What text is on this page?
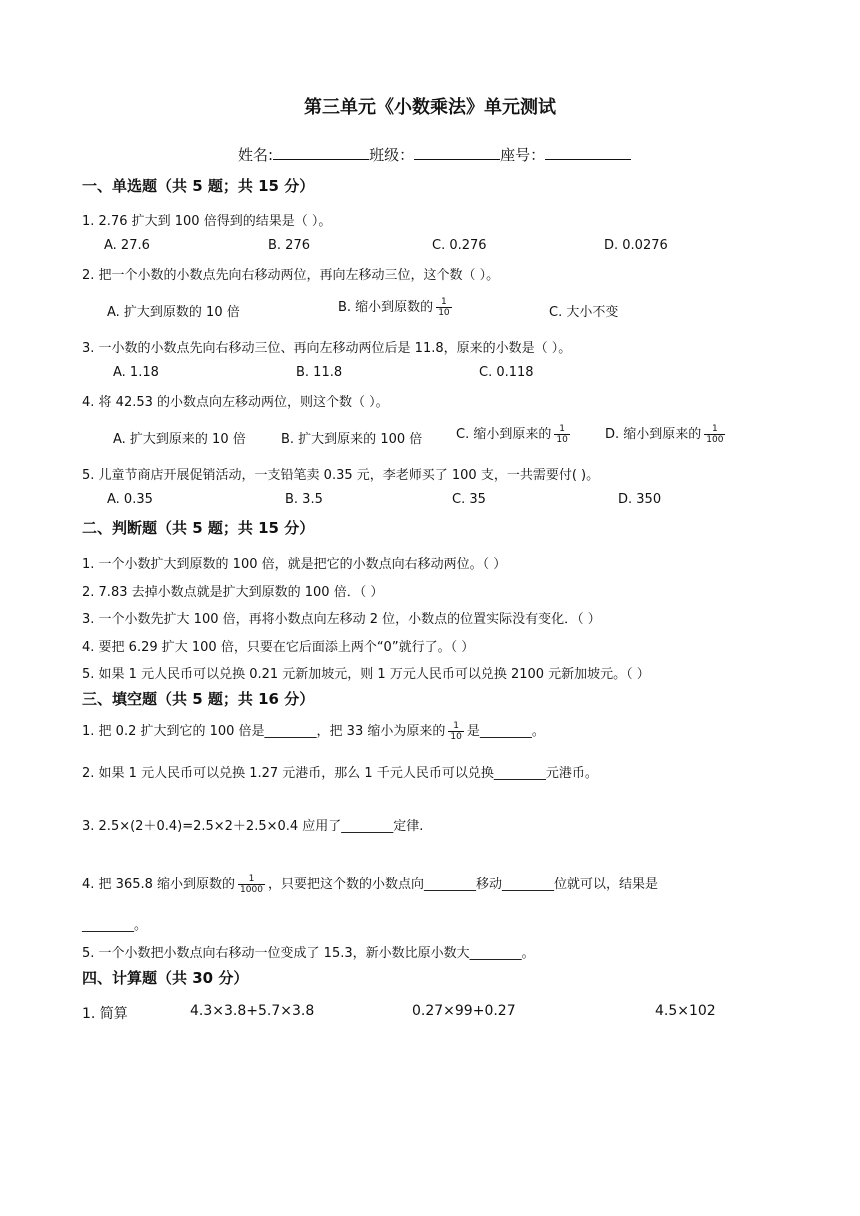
第三单元《小数乘法》单元测试
姓名:	班级：	座号：
一、单选题（共 5 题；共 15 分）
1. 2.76 扩大到 100 倍得到的结果是（ ）。
A. 27.6	B. 276	C. 0.276	D. 0.0276
2. 把一个小数的小数点先向右移动两位，再向左移动三位，这个数（ ）。
A. 扩大到原数的 10 倍	B. 缩小到原数的 $\frac{1}{10}$	C. 大小不变
3. 一小数的小数点先向右移动三位、再向左移动两位后是 11.8，原来的小数是（ ）。
A. 1.18	B. 11.8	C. 0.118
4. 将 42.53 的小数点向左移动两位，则这个数（ ）。
A. 扩大到原来的 10 倍	B. 扩大到原来的 100 倍	C. 缩小到原来的 $\frac{1}{10}$	D. 缩小到原来的 $\frac{1}{100}$
5. 儿童节商店开展促销活动，一支铅笔卖 0.35 元，李老师买了 100 支，一共需要付( )。
A. 0.35	B. 3.5	C. 35	D. 350
二、判断题（共 5 题；共 15 分）
1. 一个小数扩大到原数的 100 倍，就是把它的小数点向右移动两位。（ ）
2. 7.83 去掉小数点就是扩大到原数的 100 倍．（ ）
3. 一个小数先扩大 100 倍，再将小数点向左移动 2 位，小数点的位置实际没有变化．（ ）
4. 要把 6.29 扩大 100 倍，只要在它后面添上两个“0”就行了。（ ）
5. 如果 1 元人民币可以兑换 0.21 元新加坡元，则 1 万元人民币可以兑换 2100 元新加坡元。（ ）
三、填空题（共 5 题；共 16 分）
1. 把 0.2 扩大到它的 100 倍是________，把 33 缩小为原来的 $\frac{1}{10}$ 是________。
2. 如果 1 元人民币可以兑换 1.27 元港币，那么 1 千元人民币可以兑换________元港币。
3. 2.5×(2＋0.4)=2.5×2＋2.5×0.4 应用了________定律.
4. 把 365.8 缩小到原数的 $\frac{1}{1000}$ ，只要把这个数的小数点向________移动________位就可以，结果是
________。
5. 一个小数把小数点向右移动一位变成了 15.3，新小数比原小数大________。
四、计算题（共 30 分）
1. 简算	4.3×3.8+5.7×3.8	0.27×99+0.27	4.5×102
